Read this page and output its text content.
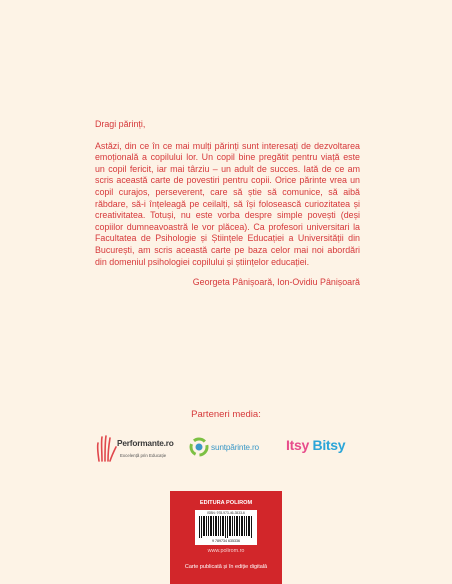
Dragi părinți,

Astăzi, din ce în ce mai mulți părinți sunt interesați de dezvoltarea emoțională a copilului lor. Un copil bine pregătit pentru viață este un copil fericit, iar mai târziu – un adult de succes. Iată de ce am scris această carte de povestiri pentru copii. Orice părinte vrea un copil curajos, perseverent, care să știe să comunice, să aibă răbdare, să-i înțeleagă pe ceilalți, să își folosească curiozitatea și creativitatea. Totuși, nu este vorba despre simple povești (deși copiilor dumneavoastră le vor plăcea). Ca profesori universitari la Facultatea de Psihologie și Științele Educației a Universității din București, am scris această carte pe baza celor mai noi abordări din domeniul psihologiei copilului și științelor educației.

Georgeta Pânișoară, Ion-Ovidiu Pânișoară

Parteneri media:
Performante.ro
Excelență prin Educație
suntpărinte.ro Itsy Bitsy
EDITURA POLIROM
ISBN: 978-973-46-3533-6
9 789734 635336
www.polirom.ro
Carte publicată și în ediție digitală
